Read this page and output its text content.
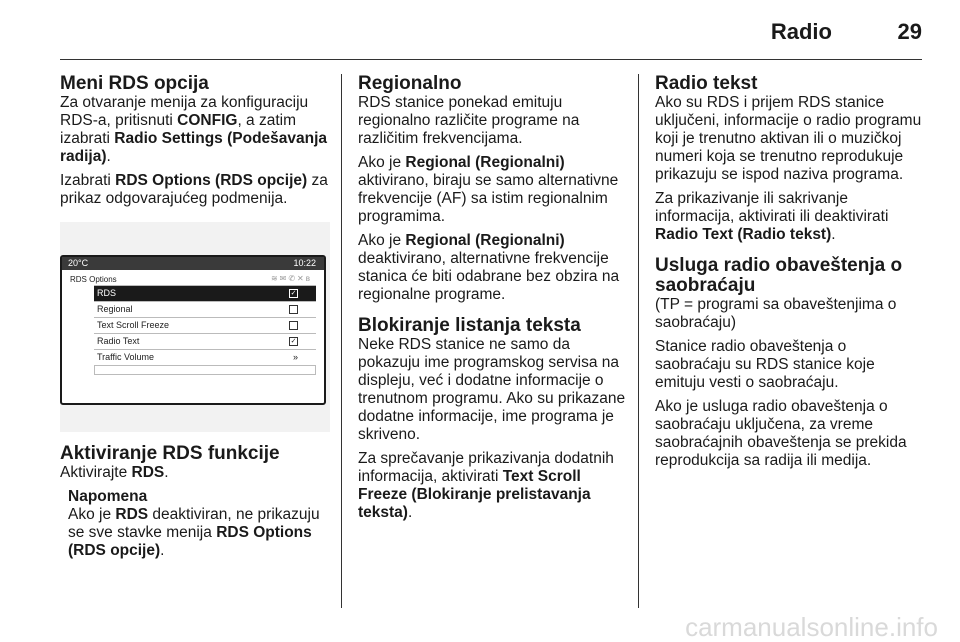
Radio	29
Meni RDS opcija

Za otvaranje menija za konfiguraciju RDS-a, pritisnuti CONFIG, a zatim izabrati Radio Settings (Podešavanja radija).

Izabrati RDS Options (RDS opcije) za prikaz odgovarajućeg podmenija.

20°C	10:22
RDS Options	≋✉✆✕ʙ
RDS	✓
Regional
Text Scroll Freeze
Radio Text	✓
Traffic Volume	»
Aktiviranje RDS funkcije

Aktivirajte RDS.

Napomena

Ako je RDS deaktiviran, ne prikazuju se sve stavke menija RDS Options (RDS opcije).

Regionalno

RDS stanice ponekad emituju regionalno različite programe na različitim frekvencijama.

Ako je Regional (Regionalni) aktivirano, biraju se samo alternativne frekvencije (AF) sa istim regionalnim programima.

Ako je Regional (Regionalni) deaktivirano, alternativne frekvencije stanica će biti odabrane bez obzira na regionalne programe.

Blokiranje listanja teksta

Neke RDS stanice ne samo da pokazuju ime programskog servisa na displeju, već i dodatne informacije o trenutnom programu. Ako su prikazane dodatne informacije, ime programa je skriveno.

Za sprečavanje prikazivanja dodatnih informacija, aktivirati Text Scroll Freeze (Blokiranje prelistavanja teksta).

Radio tekst

Ako su RDS i prijem RDS stanice uključeni, informacije o radio programu koji je trenutno aktivan ili o muzičkoj numeri koja se trenutno reprodukuje prikazuju se ispod naziva programa.

Za prikazivanje ili sakrivanje informacija, aktivirati ili deaktivirati Radio Text (Radio tekst).

Usluga radio obaveštenja o saobraćaju

(TP = programi sa obaveštenjima o saobraćaju)

Stanice radio obaveštenja o saobraćaju su RDS stanice koje emituju vesti o saobraćaju.

Ako je usluga radio obaveštenja o saobraćaju uključena, za vreme saobraćajnih obaveštenja se prekida reprodukcija sa radija ili medija.

carmanualsonline.info
